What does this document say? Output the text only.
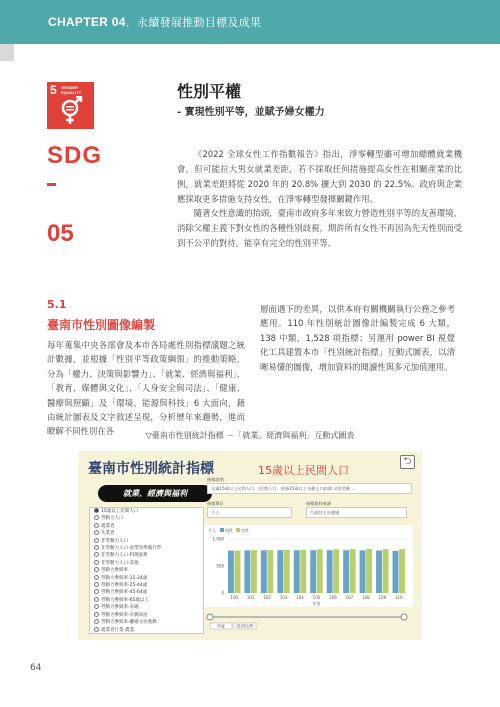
CHAPTER 04．永續發展推動目標及成果
5 GENDER
EQUALITY
SDG
05
性別平權
- 實現性別平等，並賦予婦女權力

《2022 全球女性工作指數報告》指出，淨零轉型雖可增加總體就業機會，但可能拉大男女就業差距，若不採取任何措施提高女性在相關產業的比例，就業差距將從 2020 年的 20.8% 擴大到 2030 的 22.5%。政府與企業應採取更多措施支持女性，在淨零轉型發揮關鍵作用。

隨著女性意識的抬頭，臺南市政府多年來致力營造性別平等的友善環境，消除父權主義下對女性的各種性別歧視，期許所有女性不再因為先天性別而受到不公平的對待，能享有完全的性別平等。

5.1
臺南市性別圖像編製

每年蒐集中央各部會及本市各局處性別指標議題之統計數據，並根據「性別平等政策綱領」的推動策略，分為「權力、決策與影響力」、「就業、經濟與福利」、「教育、媒體與文化」、「人身安全與司法」、「健康、醫療與照顧」及「環境、能源與科技」6 大面向，藉由統計圖表及文字敘述呈現，分析歷年來趨勢，進而瞭解不同性別在各

層面遇下的差異，以供本府有關機關執行公務之參考應用。110 年性別統計圖像計編製完成 6 大類，138 中類，1,528 項指標；另運用 power BI 視覺化工具建置本市「性別統計指標」互動式圖表，以清晰易懂的圖像，增加資料的閱讀性與多元加值運用。

▽臺南市性別統計指標 －「就業、經濟與福利」互動式圖表
臺南市性別統計指標	15歲以上民間人口
⮌
就業、經濟與福利
15歲以上民間人口
勞動力人口
就業者
失業者
非勞動力人口
非勞動力人口-求學及準備升學
非勞動力人口-料理家務
非勞動力人口-其他
勞動力參與率
勞動力參與率-15-24歲
勞動力參與率-25-44歲
勞動力參與率-45-64歲
勞動力參與率-65歲以上
勞動力參與率-未婚
勞動力參與率-有偶同居
勞動力參與率-離婚分居喪偶
就業者行業-農業
指標說明
年滿15歲以上民間人口，(民間人口，係指15歲以上年齡人口扣除 武裝勞動…
指標單位
千人
指標資料來源
行政院主計總處
千人 男性 女性
0
500
1,000
100 101 102 103 104 105 106 107 108 109 110
年度
年度	性別比例
64
